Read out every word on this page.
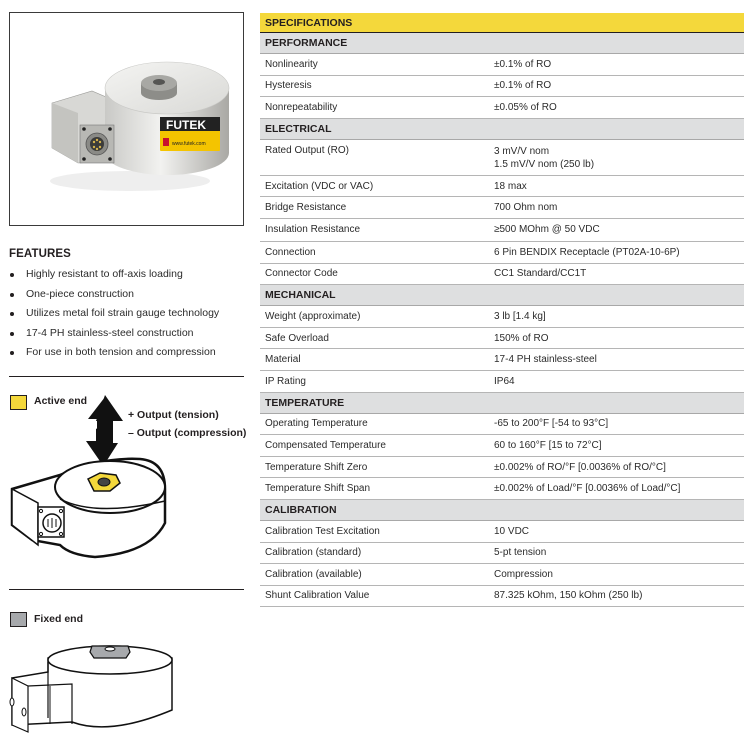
FUTEK
www.futek.com
FEATURES
Highly resistant to off-axis loading
One-piece construction
Utilizes metal foil strain gauge technology
17-4 PH stainless-steel construction
For use in both tension and compression
Active end
+ Output (tension)
– Output (compression)
Fixed end
SPECIFICATIONS
PERFORMANCE
Nonlinearity	±0.1% of RO
Hysteresis	±0.1% of RO
Nonrepeatability	±0.05% of RO
ELECTRICAL
Rated Output (RO)	3 mV/V nom
1.5 mV/V nom (250 lb)
Excitation (VDC or VAC)	18 max
Bridge Resistance	700 Ohm nom
Insulation Resistance	≥500 MOhm @ 50 VDC
Connection	6 Pin BENDIX Receptacle (PT02A-10-6P)
Connector Code	CC1 Standard/CC1T
MECHANICAL
Weight (approximate)	3 lb [1.4 kg]
Safe Overload	150% of RO
Material	17-4 PH stainless-steel
IP Rating	IP64
TEMPERATURE
Operating Temperature	-65 to 200°F [-54 to 93°C]
Compensated Temperature	60 to 160°F [15 to 72°C]
Temperature Shift Zero	±0.002% of RO/°F [0.0036% of RO/°C]
Temperature Shift Span	±0.002% of Load/°F [0.0036% of Load/°C]
CALIBRATION
Calibration Test Excitation	10 VDC
Calibration (standard)	5-pt tension
Calibration (available)	Compression
Shunt Calibration Value	87.325 kOhm, 150 kOhm (250 lb)
